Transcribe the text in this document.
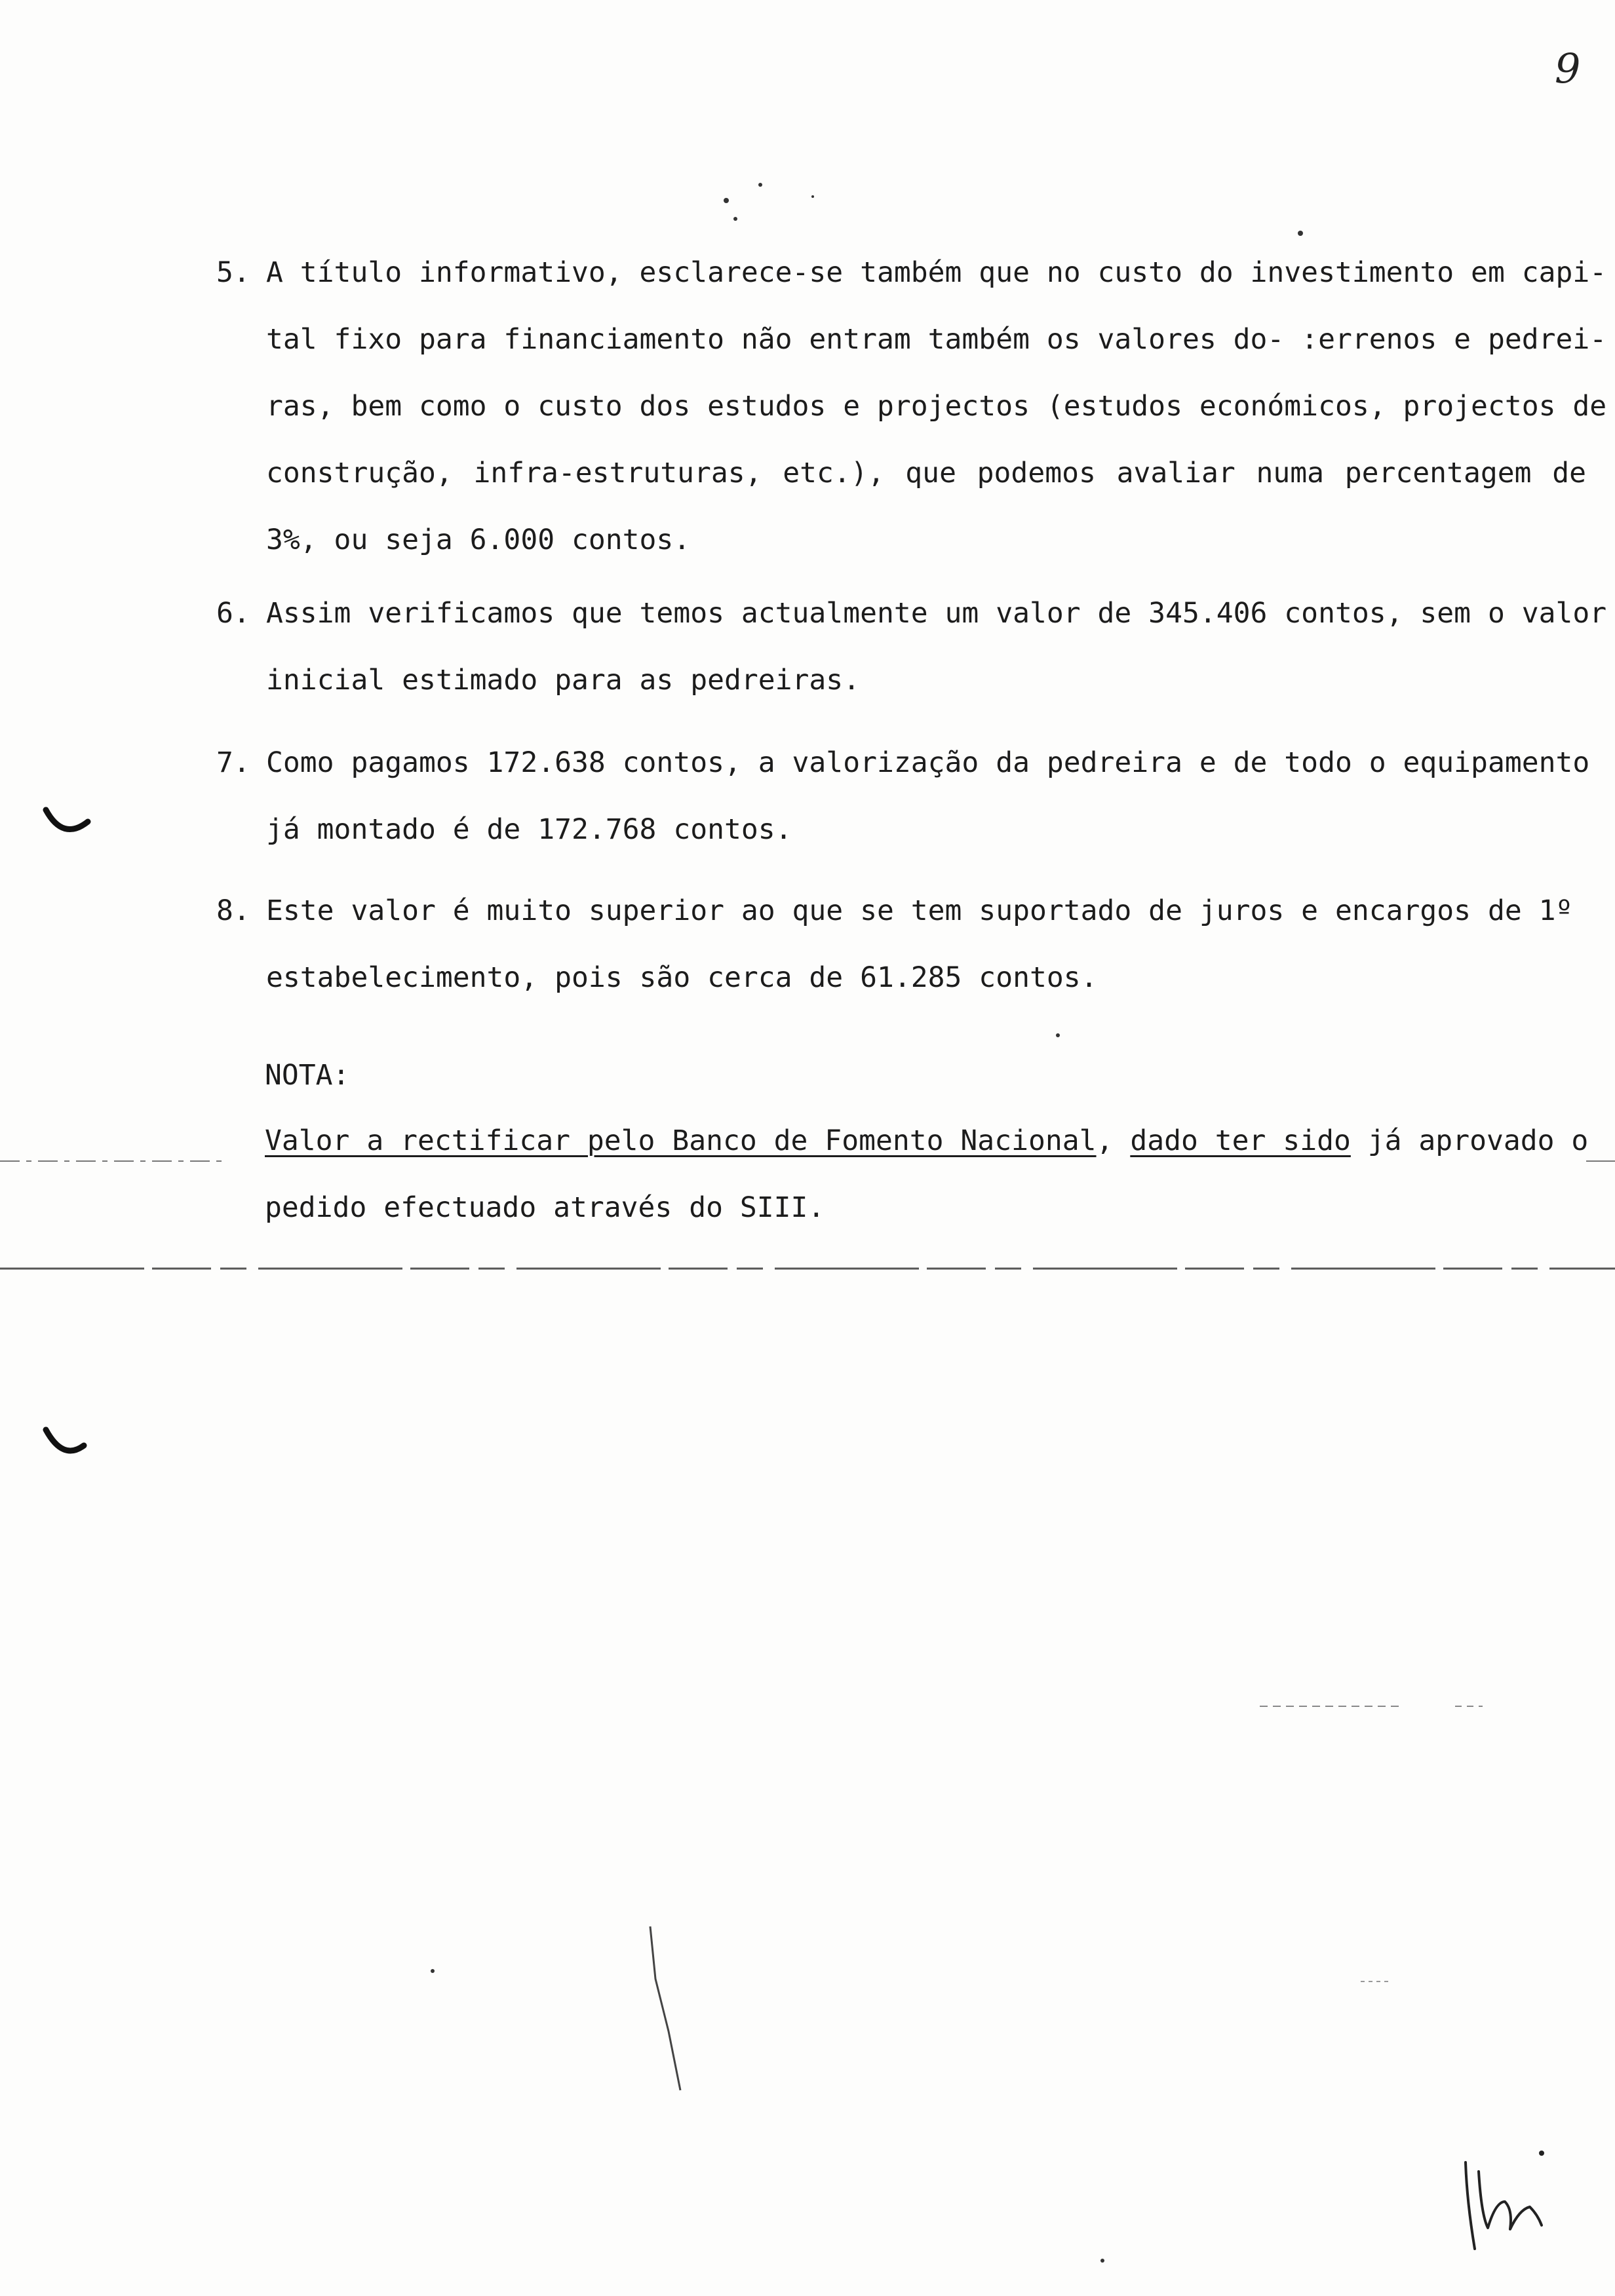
9
5. A título informativo, esclarece-se também que no custo do investimento em capi-
tal fixo para financiamento não entram também os valores do- :errenos e pedrei-
ras, bem como o custo dos estudos e projectos (estudos económicos, projectos de
construção, infra-estruturas, etc.), que podemos avaliar numa percentagem de
3%, ou seja 6.000 contos.
6. Assim verificamos que temos actualmente um valor de 345.406 contos, sem o valor
inicial estimado para as pedreiras.
7. Como pagamos 172.638 contos, a valorização da pedreira e de todo o equipamento
já montado é de 172.768 contos.
8. Este valor é muito superior ao que se tem suportado de juros e encargos de 1º
estabelecimento, pois são cerca de 61.285 contos.
NOTA:
Valor a rectificar pelo Banco de Fomento Nacional, dado ter sido já aprovado o
pedido efectuado através do SIII.
